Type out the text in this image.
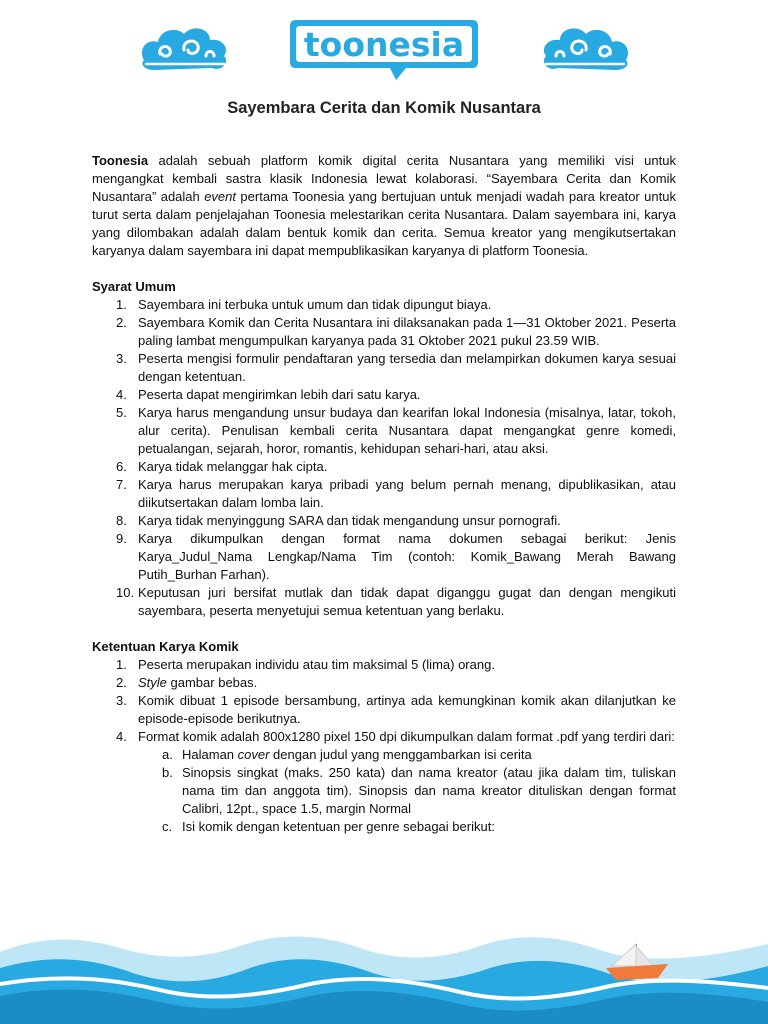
toonesia
Sayembara Cerita dan Komik Nusantara

Toonesia adalah sebuah platform komik digital cerita Nusantara yang memiliki visi untuk mengangkat kembali sastra klasik Indonesia lewat kolaborasi. “Sayembara Cerita dan Komik Nusantara” adalah event pertama Toonesia yang bertujuan untuk menjadi wadah para kreator untuk turut serta dalam penjelajahan Toonesia melestarikan cerita Nusantara. Dalam sayembara ini, karya yang dilombakan adalah dalam bentuk komik dan cerita. Semua kreator yang mengikutsertakan karyanya dalam sayembara ini dapat mempublikasikan karyanya di platform Toonesia.

Syarat Umum
1. Sayembara ini terbuka untuk umum dan tidak dipungut biaya.
2. Sayembara Komik dan Cerita Nusantara ini dilaksanakan pada 1—31 Oktober 2021. Peserta paling lambat mengumpulkan karyanya pada 31 Oktober 2021 pukul 23.59 WIB.
3. Peserta mengisi formulir pendaftaran yang tersedia dan melampirkan dokumen karya sesuai dengan ketentuan.
4. Peserta dapat mengirimkan lebih dari satu karya.
5. Karya harus mengandung unsur budaya dan kearifan lokal Indonesia (misalnya, latar, tokoh, alur cerita). Penulisan kembali cerita Nusantara dapat mengangkat genre komedi, petualangan, sejarah, horor, romantis, kehidupan sehari-hari, atau aksi.
6. Karya tidak melanggar hak cipta.
7. Karya harus merupakan karya pribadi yang belum pernah menang, dipublikasikan, atau diikutsertakan dalam lomba lain.
8. Karya tidak menyinggung SARA dan tidak mengandung unsur pornografi.
9. Karya dikumpulkan dengan format nama dokumen sebagai berikut: Jenis Karya_Judul_Nama Lengkap/Nama Tim (contoh: Komik_Bawang Merah Bawang Putih_Burhan Farhan).
10. Keputusan juri bersifat mutlak dan tidak dapat diganggu gugat dan dengan mengikuti sayembara, peserta menyetujui semua ketentuan yang berlaku.
Ketentuan Karya Komik
1. Peserta merupakan individu atau tim maksimal 5 (lima) orang.
2. Style gambar bebas.
3. Komik dibuat 1 episode bersambung, artinya ada kemungkinan komik akan dilanjutkan ke episode-episode berikutnya.
4. Format komik adalah 800x1280 pixel 150 dpi dikumpulkan dalam format .pdf yang terdiri dari:
a. Halaman cover dengan judul yang menggambarkan isi cerita
b. Sinopsis singkat (maks. 250 kata) dan nama kreator (atau jika dalam tim, tuliskan nama tim dan anggota tim). Sinopsis dan nama kreator dituliskan dengan format Calibri, 12pt., space 1.5, margin Normal
c. Isi komik dengan ketentuan per genre sebagai berikut:
